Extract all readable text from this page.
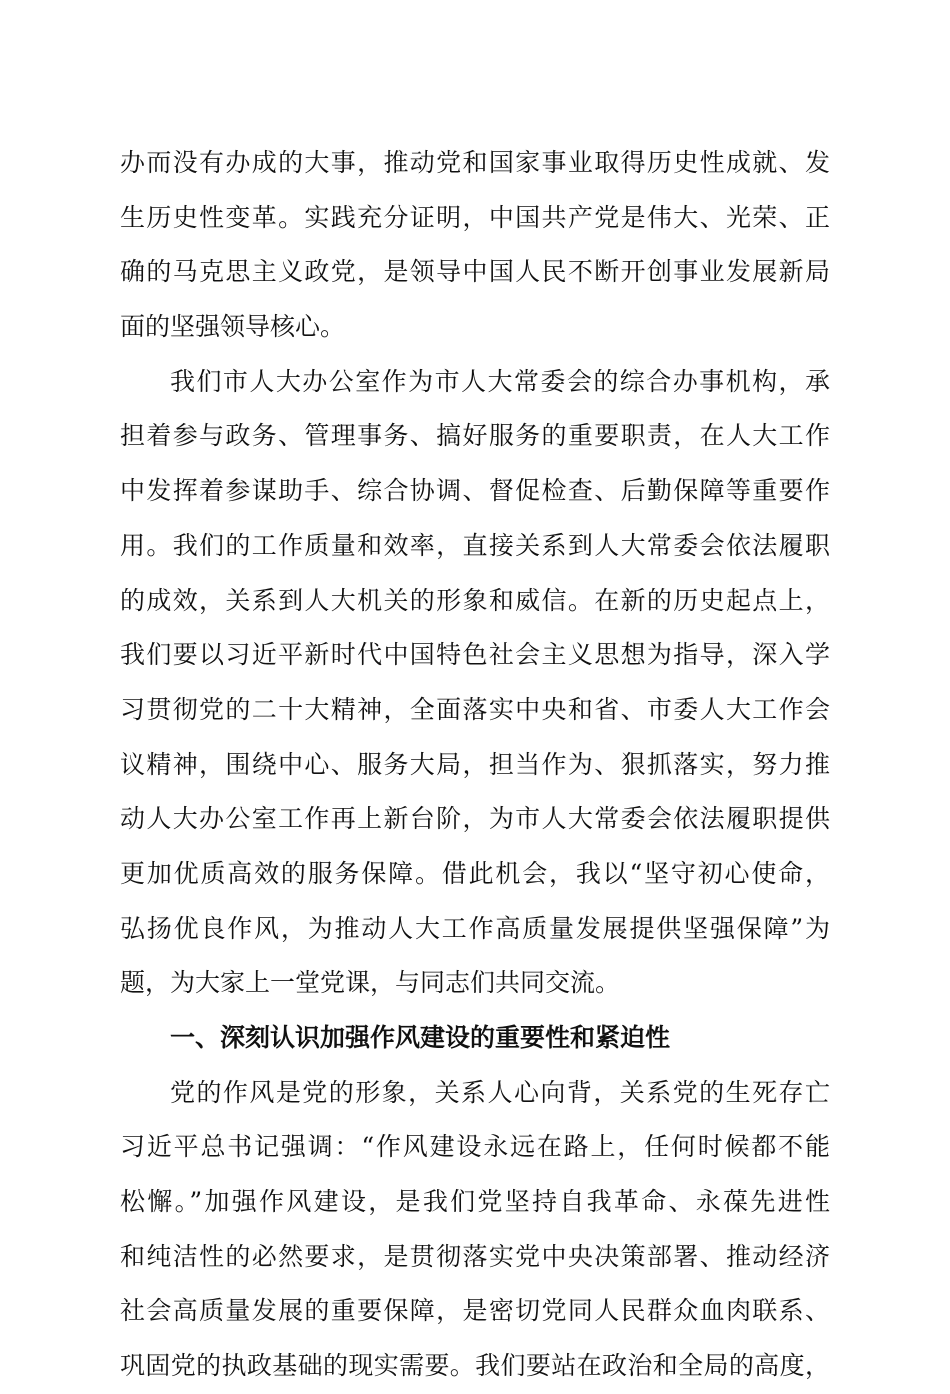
办而没有办成的大事，推动党和国家事业取得历史性成就、发
生历史性变革。实践充分证明，中国共产党是伟大、光荣、正
确的马克思主义政党，是领导中国人民不断开创事业发展新局
面的坚强领导核心。
我们市人大办公室作为市人大常委会的综合办事机构，承
担着参与政务、管理事务、搞好服务的重要职责，在人大工作
中发挥着参谋助手、综合协调、督促检查、后勤保障等重要作
用。我们的工作质量和效率，直接关系到人大常委会依法履职
的成效，关系到人大机关的形象和威信。在新的历史起点上，
我们要以习近平新时代中国特色社会主义思想为指导，深入学
习贯彻党的二十大精神，全面落实中央和省、市委人大工作会
议精神，围绕中心、服务大局，担当作为、狠抓落实，努力推
动人大办公室工作再上新台阶，为市人大常委会依法履职提供
更加优质高效的服务保障。借此机会，我以“坚守初心使命，
弘扬优良作风，为推动人大工作高质量发展提供坚强保障”为
题，为大家上一堂党课，与同志们共同交流。
一、深刻认识加强作风建设的重要性和紧迫性
党的作风是党的形象，关系人心向背，关系党的生死存亡
习近平总书记强调：“作风建设永远在路上，任何时候都不能
松懈。”加强作风建设，是我们党坚持自我革命、永葆先进性
和纯洁性的必然要求，是贯彻落实党中央决策部署、推动经济
社会高质量发展的重要保障，是密切党同人民群众血肉联系、
巩固党的执政基础的现实需要。我们要站在政治和全局的高度，
